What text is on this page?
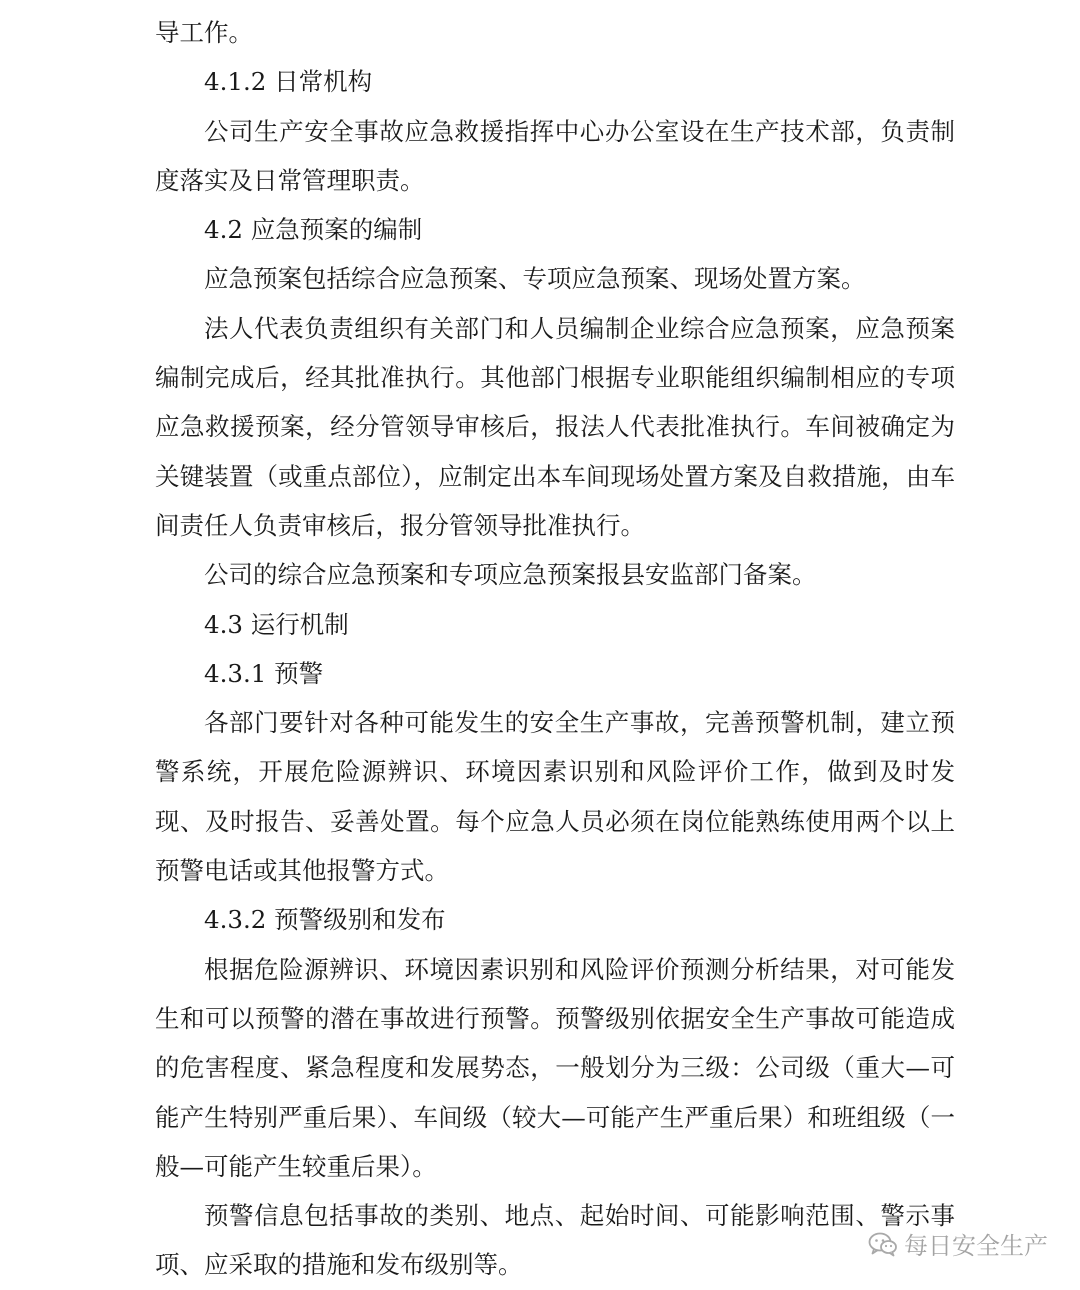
导工作。

4.1.2 日常机构

公司生产安全事故应急救援指挥中心办公室设在生产技术部，负责制度落实及日常管理职责。

4.2 应急预案的编制

应急预案包括综合应急预案、专项应急预案、现场处置方案。

法人代表负责组织有关部门和人员编制企业综合应急预案，应急预案编制完成后，经其批准执行。其他部门根据专业职能组织编制相应的专项应急救援预案，经分管领导审核后，报法人代表批准执行。车间被确定为关键装置（或重点部位），应制定出本车间现场处置方案及自救措施，由车间责任人负责审核后，报分管领导批准执行。

公司的综合应急预案和专项应急预案报县安监部门备案。

4.3 运行机制

4.3.1 预警

各部门要针对各种可能发生的安全生产事故，完善预警机制，建立预警系统，开展危险源辨识、环境因素识别和风险评价工作，做到及时发现、及时报告、妥善处置。每个应急人员必须在岗位能熟练使用两个以上预警电话或其他报警方式。

4.3.2 预警级别和发布

根据危险源辨识、环境因素识别和风险评价预测分析结果，对可能发生和可以预警的潜在事故进行预警。预警级别依据安全生产事故可能造成的危害程度、紧急程度和发展势态，一般划分为三级：公司级（重大—可能产生特别严重后果）、车间级（较大—可能产生严重后果）和班组级（一般—可能产生较重后果）。

预警信息包括事故的类别、地点、起始时间、可能影响范围、警示事项、应采取的措施和发布级别等。

每日安全生产
